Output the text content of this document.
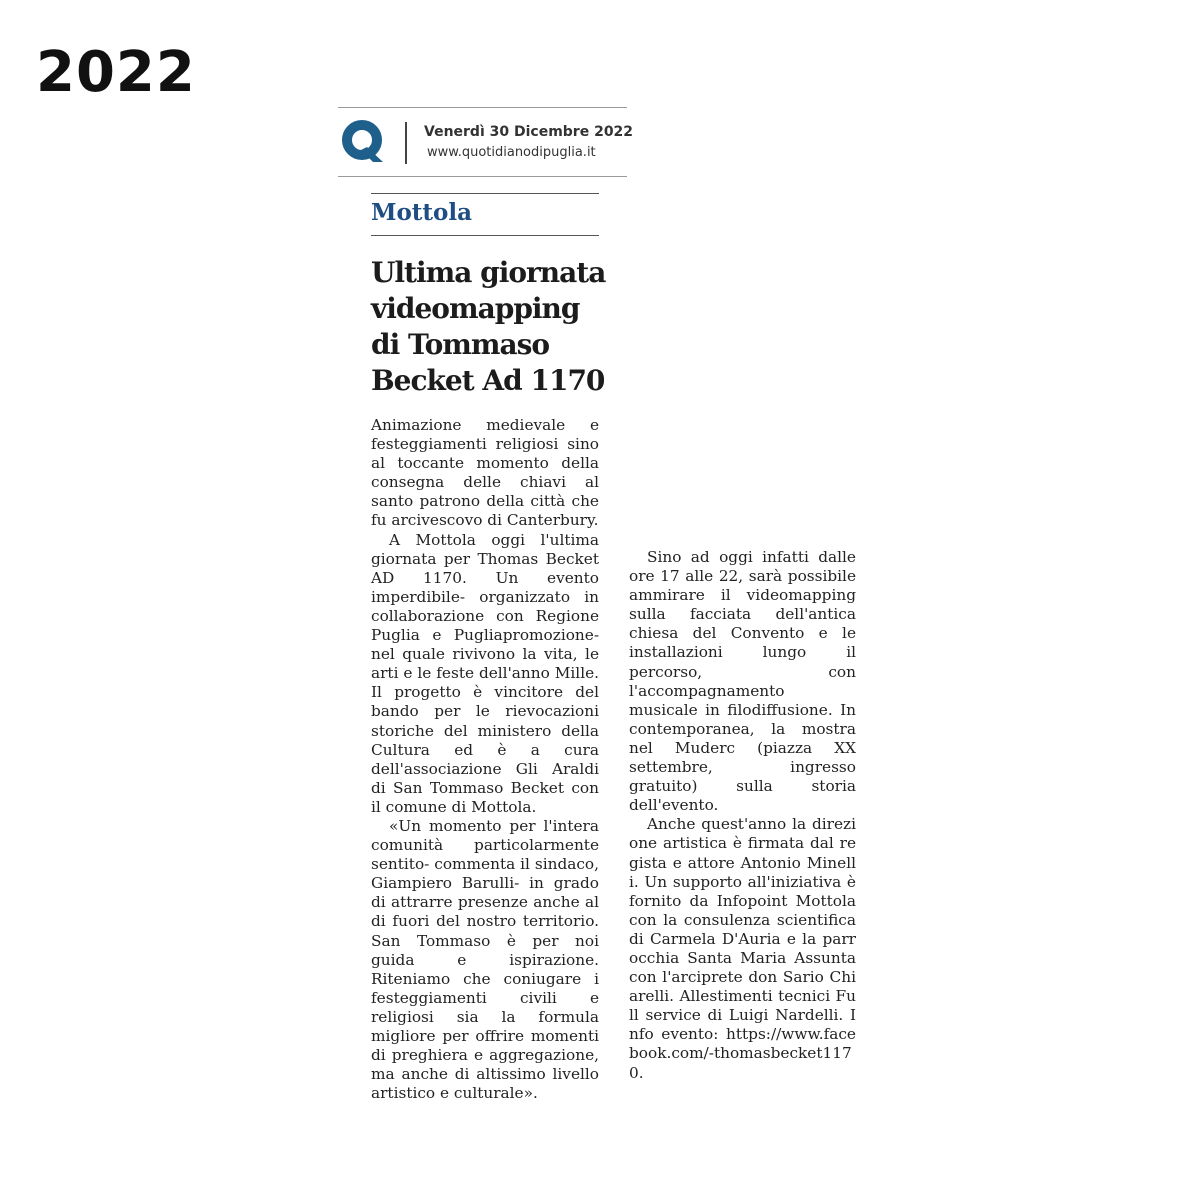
2022
Venerdì 30 Dicembre 2022
www.quotidianodipuglia.it
Mottola
Ultima giornata videomapping di Tommaso Becket Ad 1170

Animazione medievale e festeggiamenti religiosi sino al toccante momento della consegna delle chiavi al santo patrono della città che fu arcivescovo di Canterbury.

A Mottola oggi l'ultima giornata per Thomas Becket AD 1170. Un evento imperdibile- organizzato in collaborazione con Regione Puglia e Pugliapromozione- nel quale rivivono la vita, le arti e le feste dell'anno Mille. Il progetto è vincitore del bando per le rievocazioni storiche del ministero della Cultura ed è a cura dell'associazione Gli Araldi di San Tommaso Becket con il comune di Mottola.

«Un momento per l'intera comunità particolarmente sentito- commenta il sindaco, Giampiero Barulli- in grado di attrarre presenze anche al di fuori del nostro territorio. San Tommaso è per noi guida e ispirazione. Riteniamo che coniugare i festeggiamenti civili e religiosi sia la formula migliore per offrire momenti di preghiera e aggregazione, ma anche di altissimo livello artistico e culturale».

Sino ad oggi infatti dalle ore 17 alle 22, sarà possibile ammirare il videomapping sulla facciata dell'antica chiesa del Convento e le installazioni lungo il percorso, con l'accompagnamento musicale in filodiffusione. In contemporanea, la mostra nel Muderc (piazza XX settembre, ingresso gratuito) sulla storia dell'evento.

Anche quest'anno la direzione artistica è firmata dal regista e attore Antonio Minelli. Un supporto all'iniziativa è fornito da Infopoint Mottola con la consulenza scientifica di Carmela D'Auria e la parrocchia Santa Maria Assunta con l'arciprete don Sario Chiarelli. Allestimenti tecnici Full service di Luigi Nardelli. Info evento: https://www.facebook.com/-thomasbecket1170.
